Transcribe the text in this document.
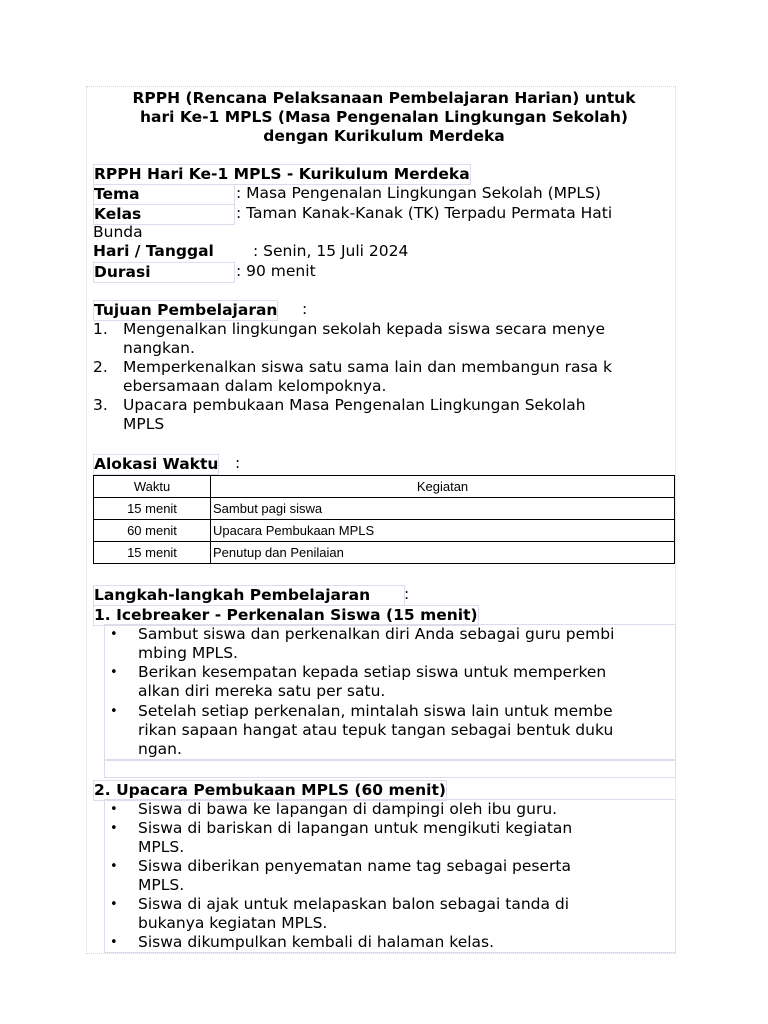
RPPH (Rencana Pelaksanaan Pembelajaran Harian) untuk
hari Ke-1 MPLS (Masa Pengenalan Lingkungan Sekolah)
dengan Kurikulum Merdeka
RPPH Hari Ke-1 MPLS - Kurikulum Merdeka
Tema	: Masa Pengenalan Lingkungan Sekolah (MPLS)
Kelas	: Taman Kanak-Kanak (TK) Terpadu Permata Hati
Bunda
Hari / Tanggal	: Senin, 15 Juli 2024
Durasi	: 90 menit
Tujuan Pembelajaran :
1. Mengenalkan lingkungan sekolah kepada siswa secara menye
nangkan.
2. Memperkenalkan siswa satu sama lain dan membangun rasa k
ebersamaan dalam kelompoknya.
3. Upacara pembukaan Masa Pengenalan Lingkungan Sekolah
MPLS
Alokasi Waktu :
Waktu	Kegiatan
15 menit	Sambut pagi siswa
60 menit	Upacara Pembukaan MPLS
15 menit	Penutup dan Penilaian
Langkah-langkah Pembelajaran	:
1. Icebreaker - Perkenalan Siswa (15 menit)
• Sambut siswa dan perkenalkan diri Anda sebagai guru pembi
mbing MPLS.
• Berikan kesempatan kepada setiap siswa untuk memperken
alkan diri mereka satu per satu.
• Setelah setiap perkenalan, mintalah siswa lain untuk membe
rikan sapaan hangat atau tepuk tangan sebagai bentuk duku
ngan.
2. Upacara Pembukaan MPLS (60 menit)
• Siswa di bawa ke lapangan di dampingi oleh ibu guru.
• Siswa di bariskan di lapangan untuk mengikuti kegiatan
MPLS.
• Siswa diberikan penyematan name tag sebagai peserta
MPLS.
• Siswa di ajak untuk melapaskan balon sebagai tanda di
bukanya kegiatan MPLS.
• Siswa dikumpulkan kembali di halaman kelas.
